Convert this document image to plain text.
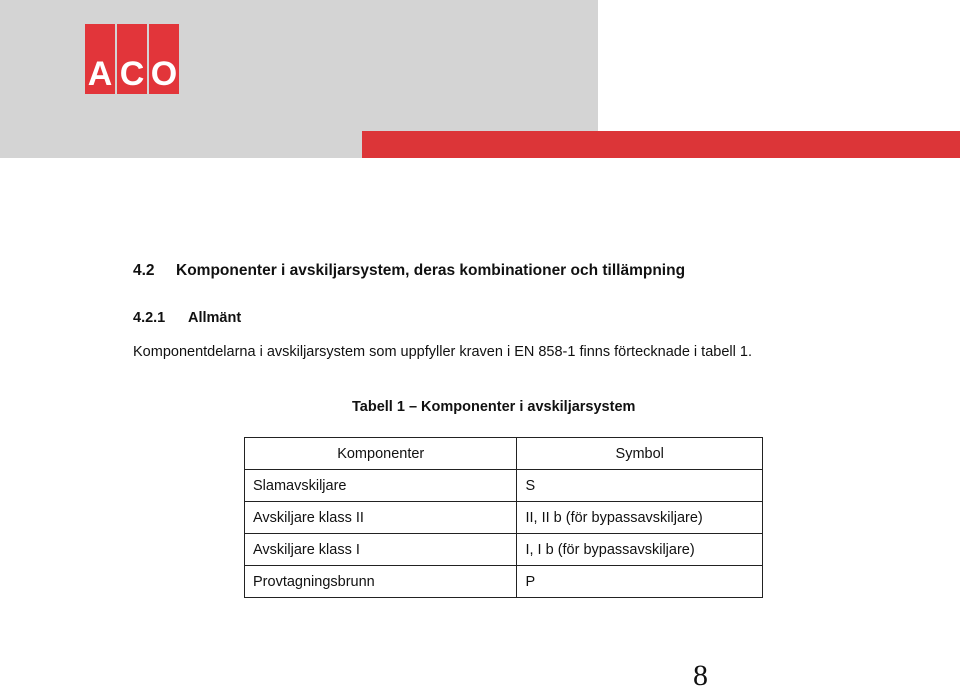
A C O
4.2 Komponenter i avskiljarsystem, deras kombinationer och tillämpning
4.2.1 Allmänt
Komponentdelarna i avskiljarsystem som uppfyller kraven i EN 858-1 finns förtecknade i tabell 1.
Tabell 1 – Komponenter i avskiljarsystem
Komponenter	Symbol
Slamavskiljare	S
Avskiljare klass II	II, II b (för bypassavskiljare)
Avskiljare klass I	I, I b (för bypassavskiljare)
Provtagningsbrunn	P
8
